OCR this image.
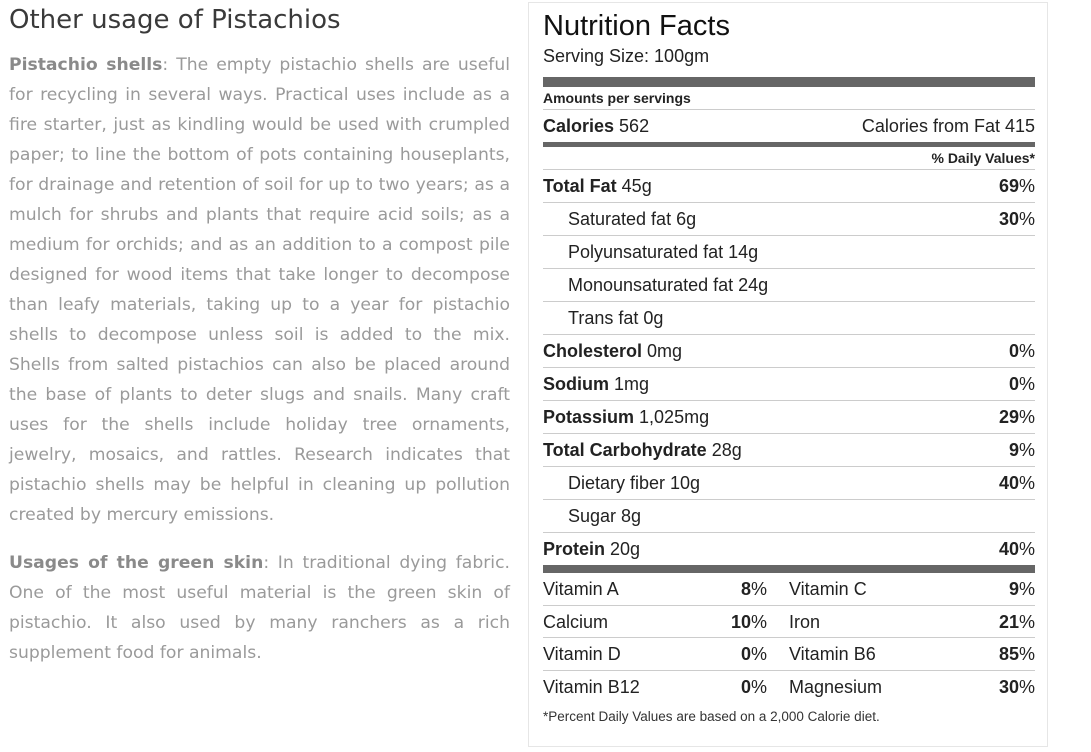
Other usage of Pistachios

Pistachio shells: The empty pistachio shells are useful for recycling in several ways. Practical uses include as a fire starter, just as kindling would be used with crumpled paper; to line the bottom of pots containing houseplants, for drainage and retention of soil for up to two years; as a mulch for shrubs and plants that require acid soils; as a medium for orchids; and as an addition to a compost pile designed for wood items that take longer to decompose than leafy materials, taking up to a year for pistachio shells to decompose unless soil is added to the mix. Shells from salted pistachios can also be placed around the base of plants to deter slugs and snails. Many craft uses for the shells include holiday tree ornaments, jewelry, mosaics, and rattles. Research indicates that pistachio shells may be helpful in cleaning up pollution created by mercury emissions.

Usages of the green skin: In traditional dying fabric. One of the most useful material is the green skin of pistachio. It also used by many ranchers as a rich supplement food for animals.

Nutrition Facts
Serving Size: 100gm
Amounts per servings
Calories 562	Calories from Fat 415
% Daily Values*
Total Fat 45g	69%
Saturated fat 6g	30%
Polyunsaturated fat 14g
Monounsaturated fat 24g
Trans fat 0g
Cholesterol 0mg	0%
Sodium 1mg	0%
Potassium 1,025mg	29%
Total Carbohydrate 28g	9%
Dietary fiber 10g	40%
Sugar 8g
Protein 20g	40%
Vitamin A	8% Vitamin C	9%
Calcium	10% Iron	21%
Vitamin D	0% Vitamin B6	85%
Vitamin B12	0% Magnesium	30%
*Percent Daily Values are based on a 2,000 Calorie diet.
